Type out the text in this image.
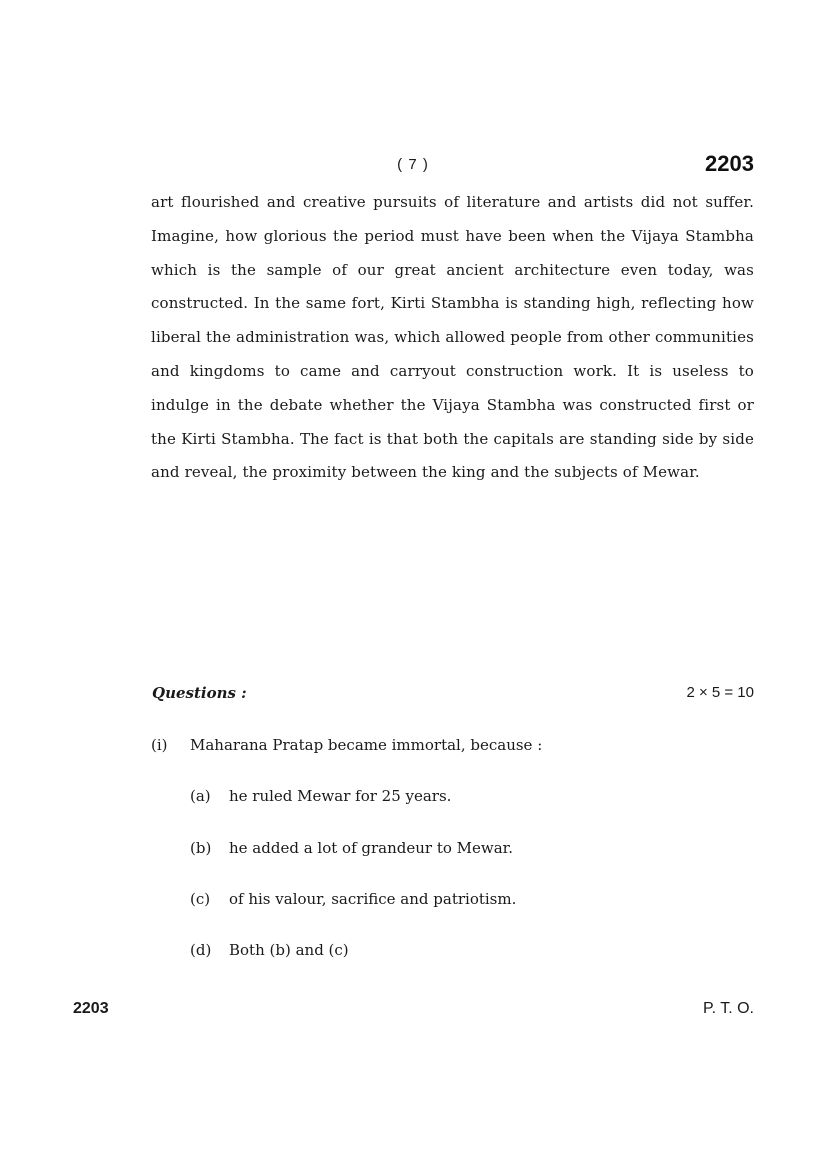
( 7 )	2203

art flourished and creative pursuits of literature and artists did not suffer. Imagine, how glorious the period must have been when the Vijaya Stambha which is the sample of our great ancient architecture even today, was constructed. In the same fort, Kirti Stambha is standing high, reflecting how liberal the administration was, which allowed people from other communities and kingdoms to came and carryout construction work. It is useless to indulge in the debate whether the Vijaya Stambha was constructed first or the Kirti Stambha. The fact is that both the capitals are standing side by side and reveal, the proximity between the king and the subjects of Mewar.

Questions :	2 × 5 = 10
(i) Maharana Pratap became immortal, because :
(a) he ruled Mewar for 25 years.
(b) he added a lot of grandeur to Mewar.
(c) of his valour, sacrifice and patriotism.
(d) Both (b) and (c)
2203	P. T. O.
